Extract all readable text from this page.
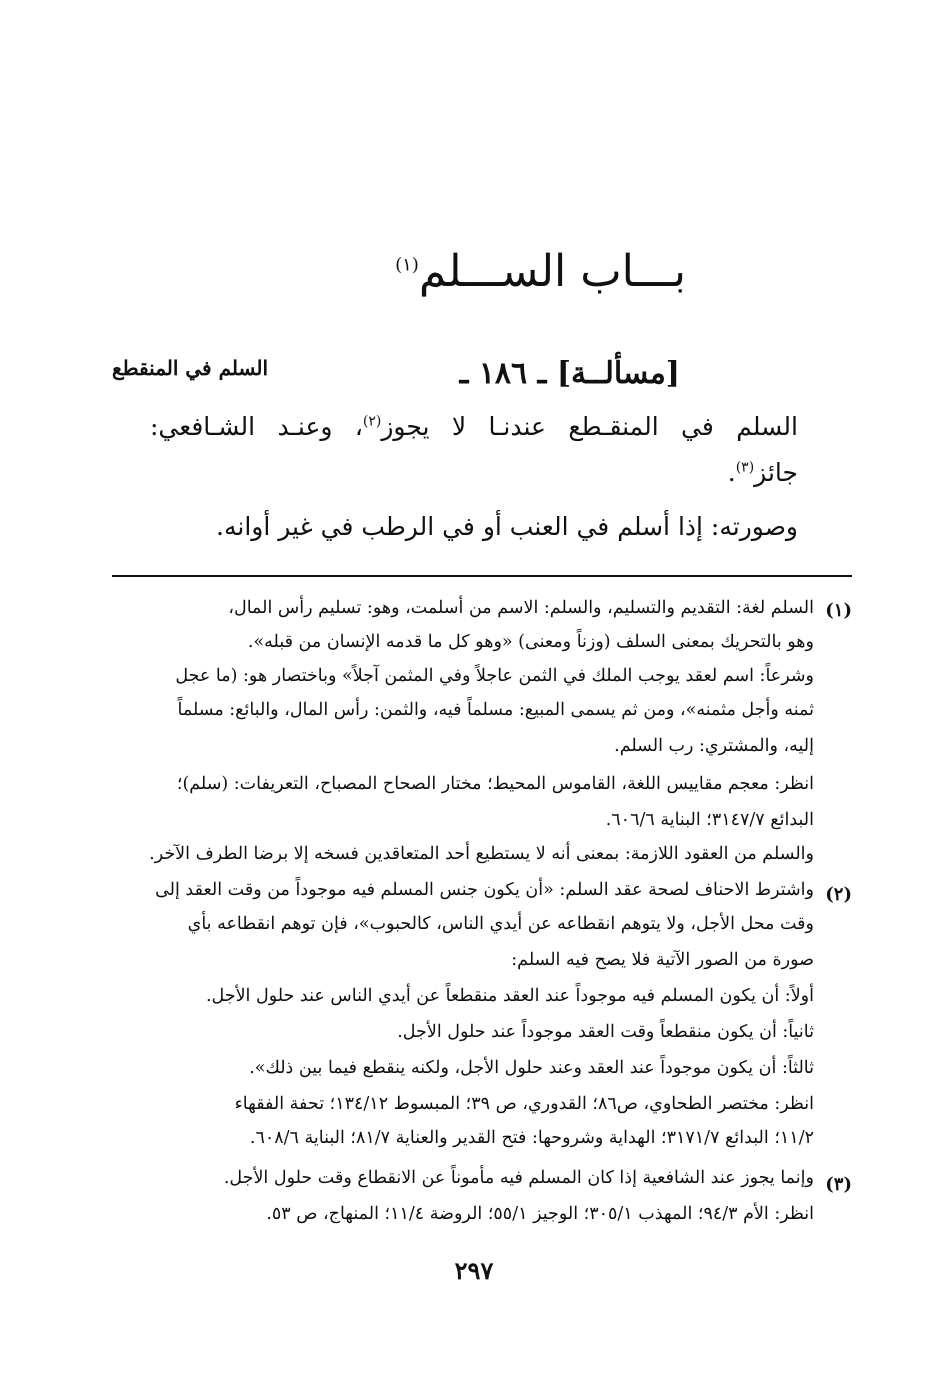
بـــاب الســـلم$^{(١)}$
[مسألــة] ـ ١٨٦ ـ
السلم في المنقطع
السلم في المنقـطع عندنـا لا يجوز$^{(٢)}$، وعنـد الشـافعي:
جائز$^{(٣)}$.
وصورته: إذا أسلم في العنب أو في الرطب في غير أوانه.
(١)
السلم لغة: التقديم والتسليم، والسلم: الاسم من أسلمت، وهو: تسليم رأس المال،
وهو بالتحريك بمعنى السلف (وزناً ومعنى) «وهو كل ما قدمه الإنسان من قبله».
وشرعاً: اسم لعقد يوجب الملك في الثمن عاجلاً وفي المثمن آجلاً» وباختصار هو: (ما عجل
ثمنه وأجل مثمنه»، ومن ثم يسمى المبيع: مسلماً فيه، والثمن: رأس المال، والبائع: مسلماً
إليه، والمشتري: رب السلم.
انظر: معجم مقاييس اللغة، القاموس المحيط؛ مختار الصحاح المصباح، التعريفات: (سلم)؛
البدائع ٣١٤٧/٧؛ البناية ٦٠٦/٦.
والسلم من العقود اللازمة: بمعنى أنه لا يستطيع أحد المتعاقدين فسخه إلا برضا الطرف الآخر.
(٢)
واشترط الاحناف لصحة عقد السلم: «أن يكون جنس المسلم فيه موجوداً من وقت العقد إلى
وقت محل الأجل، ولا يتوهم انقطاعه عن أيدي الناس، كالحبوب»، فإن توهم انقطاعه بأي
صورة من الصور الآتية فلا يصح فيه السلم:
أولاً: أن يكون المسلم فيه موجوداً عند العقد منقطعاً عن أيدي الناس عند حلول الأجل.
ثانياً: أن يكون منقطعاً وقت العقد موجوداً عند حلول الأجل.
ثالثاً: أن يكون موجوداً عند العقد وعند حلول الأجل، ولكنه ينقطع فيما بين ذلك».
انظر: مختصر الطحاوي، ص٨٦؛ القدوري، ص ٣٩؛ المبسوط ١٣٤/١٢؛ تحفة الفقهاء
١١/٢؛ البدائع ٣١٧١/٧؛ الهداية وشروحها: فتح القدير والعناية ٨١/٧؛ البناية ٦٠٨/٦.
(٣)
وإنما يجوز عند الشافعية إذا كان المسلم فيه مأموناً عن الانقطاع وقت حلول الأجل.
انظر: الأم ٩٤/٣؛ المهذب ٣٠٥/١؛ الوجيز ٥٥/١؛ الروضة ١١/٤؛ المنهاج، ص ٥٣.
٢٩٧
